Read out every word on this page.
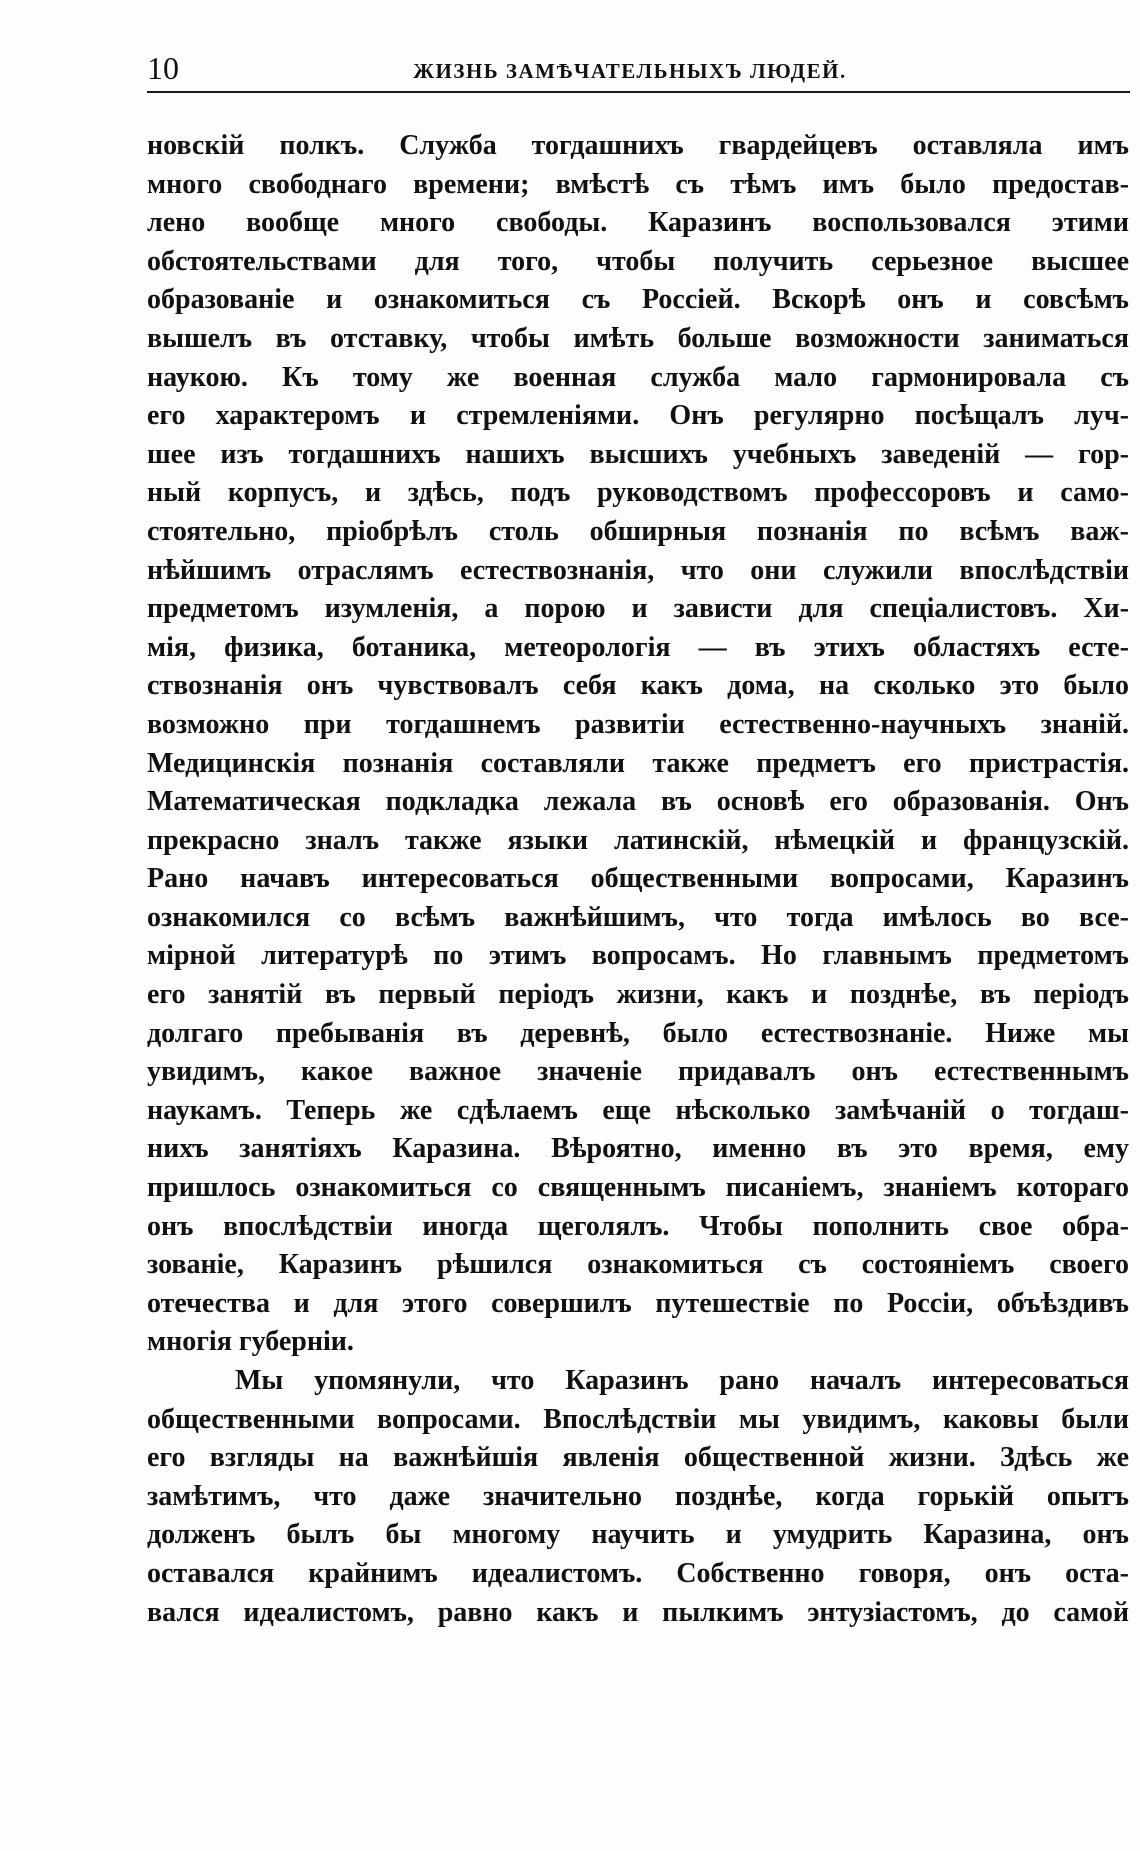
10	ЖИЗНЬ ЗАМѢЧАТЕЛЬНЫХЪ ЛЮДЕЙ.
новскій полкъ. Служба тогдашнихъ гвардейцевъ оставляла имъ
много свободнаго времени; вмѣстѣ съ тѣмъ имъ было предостав-
лено вообще много свободы. Каразинъ воспользовался этими
обстоятельствами для того, чтобы получить серьезное высшее
образованіе и ознакомиться съ Россіей. Вскорѣ онъ и совсѣмъ
вышелъ въ отставку, чтобы имѣть больше возможности заниматься
наукою. Къ тому же военная служба мало гармонировала съ
его характеромъ и стремленіями. Онъ регулярно посѣщалъ луч-
шее изъ тогдашнихъ нашихъ высшихъ учебныхъ заведеній — гор-
ный корпусъ, и здѣсь, подъ руководствомъ профессоровъ и само-
стоятельно, пріобрѣлъ столь обширныя познанія по всѣмъ важ-
нѣйшимъ отраслямъ естествознанія, что они служили впослѣдствіи
предметомъ изумленія, а порою и зависти для спеціалистовъ. Хи-
мія, физика, ботаника, метеорологія — въ этихъ областяхъ есте-
ствознанія онъ чувствовалъ себя какъ дома, на сколько это было
возможно при тогдашнемъ развитіи естественно-научныхъ знаній.
Медицинскія познанія составляли также предметъ его пристрастія.
Математическая подкладка лежала въ основѣ его образованія. Онъ
прекрасно зналъ также языки латинскій, нѣмецкій и французскій.
Рано начавъ интересоваться общественными вопросами, Каразинъ
ознакомился со всѣмъ важнѣйшимъ, что тогда имѣлось во все-
мірной литературѣ по этимъ вопросамъ. Но главнымъ предметомъ
его занятій въ первый періодъ жизни, какъ и позднѣе, въ періодъ
долгаго пребыванія въ деревнѣ, было естествознаніе. Ниже мы
увидимъ, какое важное значеніе придавалъ онъ естественнымъ
наукамъ. Теперь же сдѣлаемъ еще нѣсколько замѣчаній о тогдаш-
нихъ занятіяхъ Каразина. Вѣроятно, именно въ это время, ему
пришлось ознакомиться со священнымъ писаніемъ, знаніемъ котораго
онъ впослѣдствіи иногда щеголялъ. Чтобы пополнить свое обра-
зованіе, Каразинъ рѣшился ознакомиться съ состояніемъ своего
отечества и для этого совершилъ путешествіе по Россіи, объѣздивъ
многія губерніи.
Мы упомянули, что Каразинъ рано началъ интересоваться
общественными вопросами. Впослѣдствіи мы увидимъ, каковы были
его взгляды на важнѣйшія явленія общественной жизни. Здѣсь же
замѣтимъ, что даже значительно позднѣе, когда горькій опытъ
долженъ былъ бы многому научить и умудрить Каразина, онъ
оставался крайнимъ идеалистомъ. Собственно говоря, онъ оста-
вался идеалистомъ, равно какъ и пылкимъ энтузіастомъ, до самой
